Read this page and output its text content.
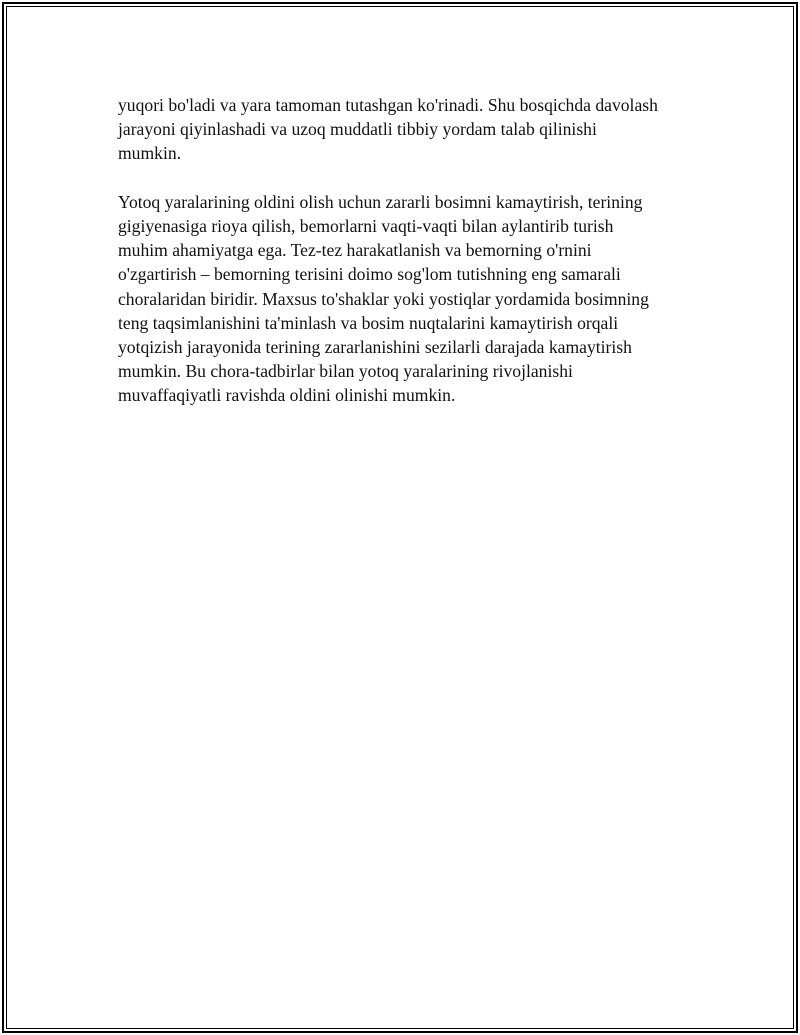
yuqori bo'ladi va yara tamoman tutashgan ko'rinadi. Shu bosqichda davolash
jarayoni qiyinlashadi va uzoq muddatli tibbiy yordam talab qilinishi
mumkin.

Yotoq yaralarining oldini olish uchun zararli bosimni kamaytirish, terining
gigiyenasiga rioya qilish, bemorlarni vaqti-vaqti bilan aylantirib turish
muhim ahamiyatga ega. Tez-tez harakatlanish va bemorning o'rnini
o'zgartirish – bemorning terisini doimo sog'lom tutishning eng samarali
choralaridan biridir. Maxsus to'shaklar yoki yostiqlar yordamida bosimning
teng taqsimlanishini ta'minlash va bosim nuqtalarini kamaytirish orqali
yotqizish jarayonida terining zararlanishini sezilarli darajada kamaytirish
mumkin. Bu chora-tadbirlar bilan yotoq yaralarining rivojlanishi
muvaffaqiyatli ravishda oldini olinishi mumkin.
